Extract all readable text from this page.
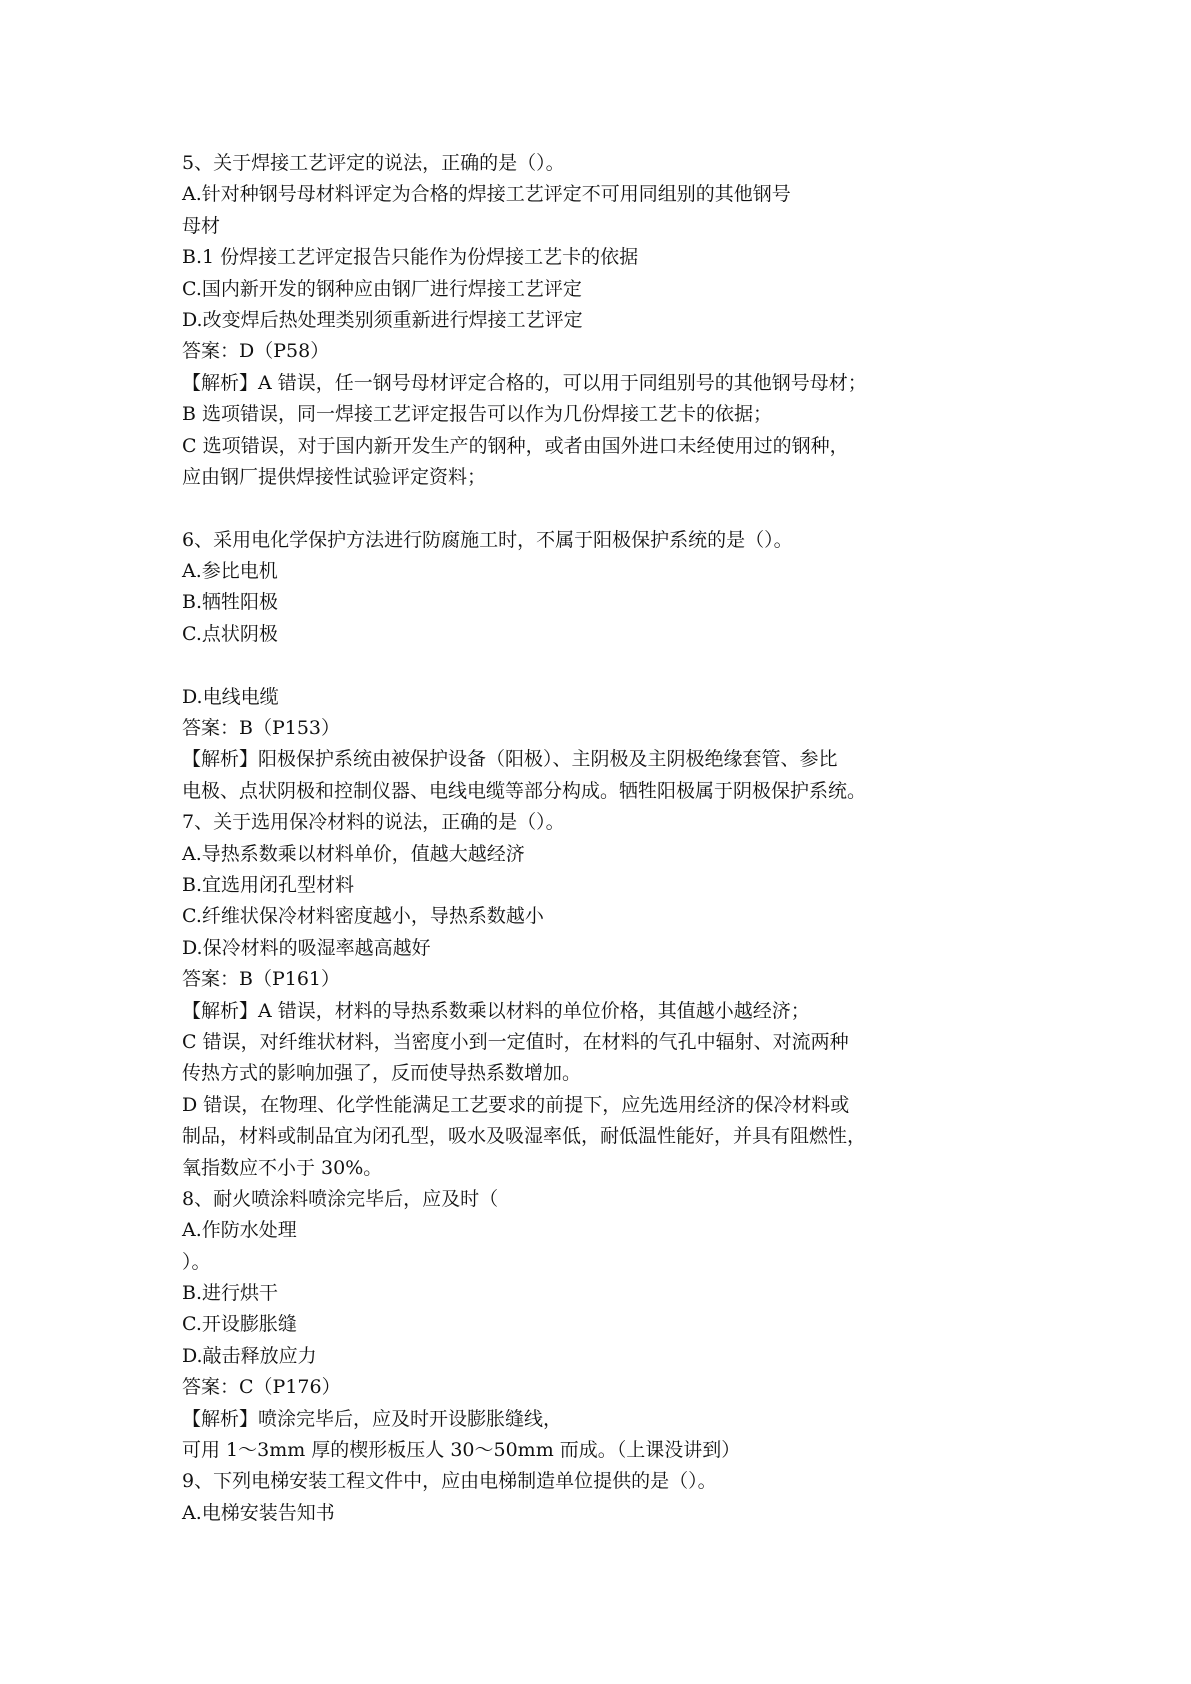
5、关于焊接工艺评定的说法，正确的是（）。
A.针对种钢号母材料评定为合格的焊接工艺评定不可用同组别的其他钢号
母材
B.1 份焊接工艺评定报告只能作为份焊接工艺卡的依据
C.国内新开发的钢种应由钢厂进行焊接工艺评定
D.改变焊后热处理类别须重新进行焊接工艺评定
答案：D（P58）
【解析】A 错误，任一钢号母材评定合格的，可以用于同组别号的其他钢号母材；
B 选项错误，同一焊接工艺评定报告可以作为几份焊接工艺卡的依据；
C 选项错误，对于国内新开发生产的钢种，或者由国外进口未经使用过的钢种，
应由钢厂提供焊接性试验评定资料；
6、采用电化学保护方法进行防腐施工时，不属于阳极保护系统的是（）。
A.参比电机
B.牺牲阳极
C.点状阴极
D.电线电缆
答案：B（P153）
【解析】阳极保护系统由被保护设备（阳极）、主阴极及主阴极绝缘套管、参比
电极、点状阴极和控制仪器、电线电缆等部分构成。牺牲阳极属于阴极保护系统。
7、关于选用保冷材料的说法，正确的是（）。
A.导热系数乘以材料单价，值越大越经济
B.宜选用闭孔型材料
C.纤维状保冷材料密度越小，导热系数越小
D.保冷材料的吸湿率越高越好
答案：B（P161）
【解析】A 错误，材料的导热系数乘以材料的单位价格，其值越小越经济；
C 错误，对纤维状材料，当密度小到一定值时，在材料的气孔中辐射、对流两种
传热方式的影响加强了，反而使导热系数增加。
D 错误，在物理、化学性能满足工艺要求的前提下，应先选用经济的保冷材料或
制品，材料或制品宜为闭孔型，吸水及吸湿率低，耐低温性能好，并具有阻燃性，
氧指数应不小于 30%。
8、耐火喷涂料喷涂完毕后，应及时（
A.作防水处理
）。
B.进行烘干
C.开设膨胀缝
D.敲击释放应力
答案：C（P176）
【解析】喷涂完毕后，应及时开设膨胀缝线，
可用 1～3mm 厚的楔形板压人 30～50mm 而成。（上课没讲到）
9、下列电梯安装工程文件中，应由电梯制造单位提供的是（）。
A.电梯安装告知书
